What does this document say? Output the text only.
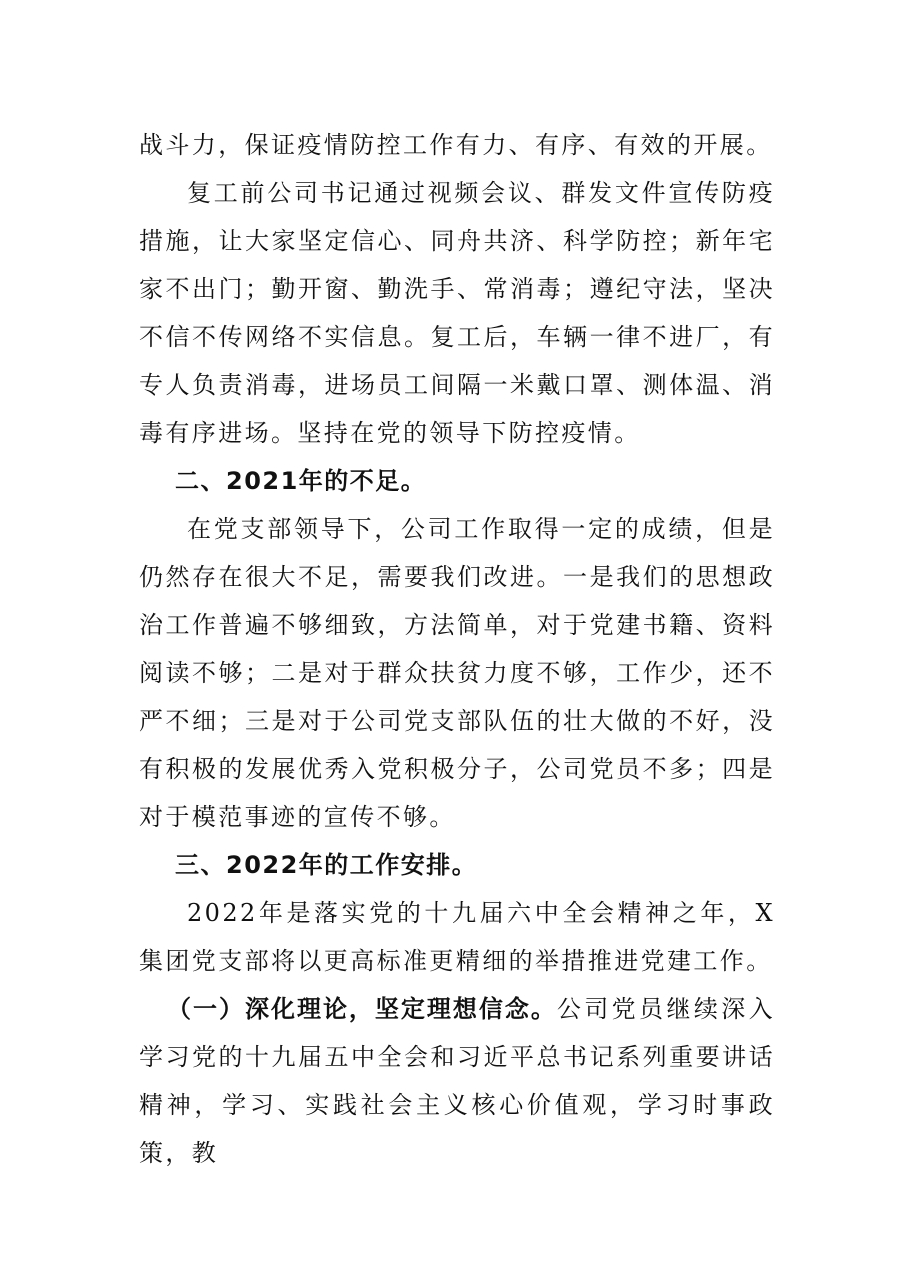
战斗力，保证疫情防控工作有力、有序、有效的开展。

复工前公司书记通过视频会议、群发文件宣传防疫措施，让大家坚定信心、同舟共济、科学防控；新年宅家不出门；勤开窗、勤洗手、常消毒；遵纪守法，坚决不信不传网络不实信息。复工后，车辆一律不进厂，有专人负责消毒，进场员工间隔一米戴口罩、测体温、消毒有序进场。坚持在党的领导下防控疫情。

二、2021年的不足。

在党支部领导下，公司工作取得一定的成绩，但是仍然存在很大不足，需要我们改进。一是我们的思想政治工作普遍不够细致，方法简单，对于党建书籍、资料阅读不够；二是对于群众扶贫力度不够，工作少，还不严不细；三是对于公司党支部队伍的壮大做的不好，没有积极的发展优秀入党积极分子，公司党员不多；四是对于模范事迹的宣传不够。

三、2022年的工作安排。

2022年是落实党的十九届六中全会精神之年，X集团党支部将以更高标准更精细的举措推进党建工作。

（一）深化理论，坚定理想信念。公司党员继续深入学习党的十九届五中全会和习近平总书记系列重要讲话精神，学习、实践社会主义核心价值观，学习时事政策，教
